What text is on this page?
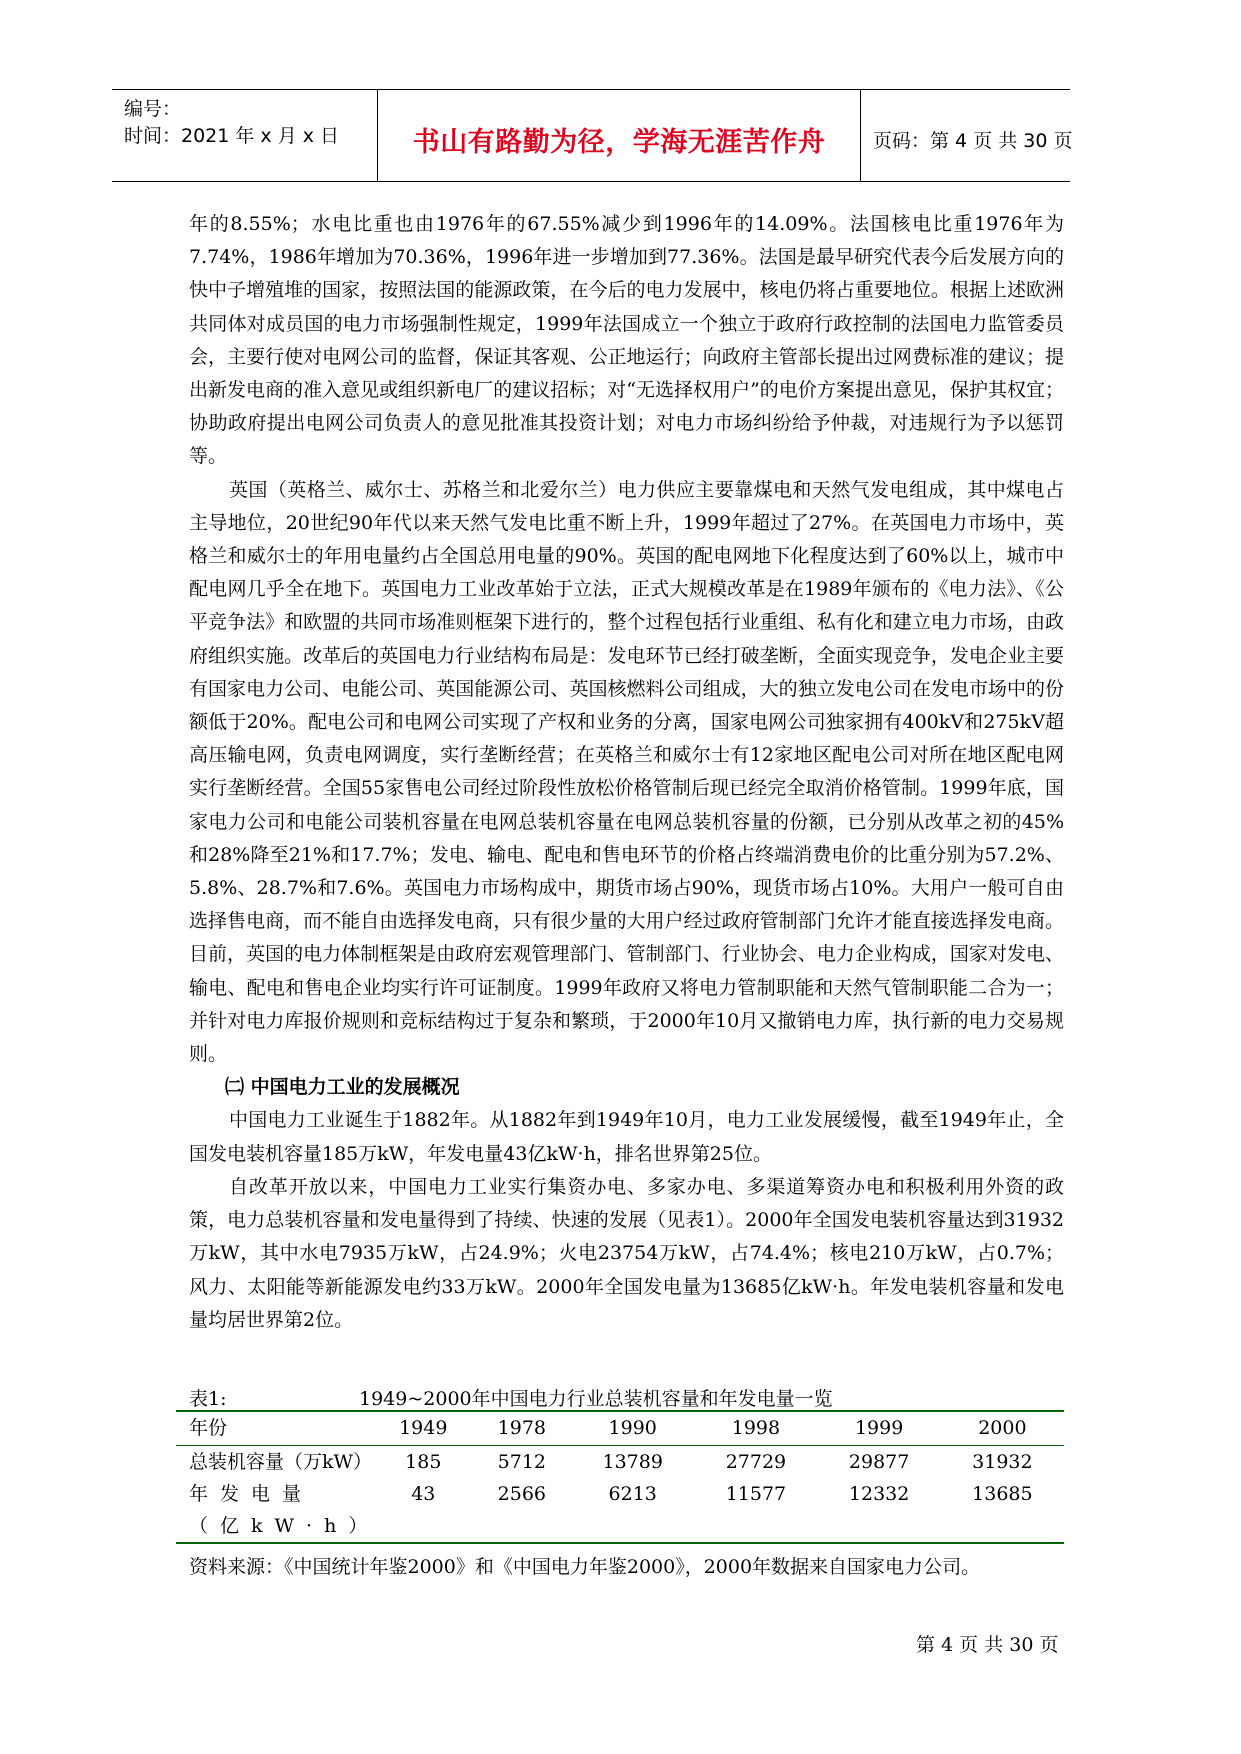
编号：
时间：2021 年 x 月 x 日	书山有路勤为径，学海无涯苦作舟	页码：第 4 页 共 30 页

年的8.55%；水电比重也由1976年的67.55%减少到1996年的14.09%。法国核电比重1976年为7.74%，1986年增加为70.36%，1996年进一步增加到77.36%。法国是最早研究代表今后发展方向的快中子增殖堆的国家，按照法国的能源政策，在今后的电力发展中，核电仍将占重要地位。根据上述欧洲共同体对成员国的电力市场强制性规定，1999年法国成立一个独立于政府行政控制的法国电力监管委员会，主要行使对电网公司的监督，保证其客观、公正地运行；向政府主管部长提出过网费标准的建议；提出新发电商的准入意见或组织新电厂的建议招标；对“无选择权用户”的电价方案提出意见，保护其权宜；协助政府提出电网公司负责人的意见批准其投资计划；对电力市场纠纷给予仲裁，对违规行为予以惩罚等。

英国（英格兰、威尔士、苏格兰和北爱尔兰）电力供应主要靠煤电和天然气发电组成，其中煤电占主导地位，20世纪90年代以来天然气发电比重不断上升，1999年超过了27%。在英国电力市场中，英格兰和威尔士的年用电量约占全国总用电量的90%。英国的配电网地下化程度达到了60%以上，城市中配电网几乎全在地下。英国电力工业改革始于立法，正式大规模改革是在1989年颁布的《电力法》、《公平竞争法》和欧盟的共同市场准则框架下进行的，整个过程包括行业重组、私有化和建立电力市场，由政府组织实施。改革后的英国电力行业结构布局是：发电环节已经打破垄断，全面实现竞争，发电企业主要有国家电力公司、电能公司、英国能源公司、英国核燃料公司组成，大的独立发电公司在发电市场中的份额低于20%。配电公司和电网公司实现了产权和业务的分离，国家电网公司独家拥有400kV和275kV超高压输电网，负责电网调度，实行垄断经营；在英格兰和威尔士有12家地区配电公司对所在地区配电网实行垄断经营。全国55家售电公司经过阶段性放松价格管制后现已经完全取消价格管制。1999年底，国家电力公司和电能公司装机容量在电网总装机容量在电网总装机容量的份额，已分别从改革之初的45%和28%降至21%和17.7%；发电、输电、配电和售电环节的价格占终端消费电价的比重分别为57.2%、5.8%、28.7%和7.6%。英国电力市场构成中，期货市场占90%，现货市场占10%。大用户一般可自由选择售电商，而不能自由选择发电商，只有很少量的大用户经过政府管制部门允许才能直接选择发电商。目前，英国的电力体制框架是由政府宏观管理部门、管制部门、行业协会、电力企业构成，国家对发电、输电、配电和售电企业均实行许可证制度。1999年政府又将电力管制职能和天然气管制职能二合为一；并针对电力库报价规则和竞标结构过于复杂和繁琐，于2000年10月又撤销电力库，执行新的电力交易规则。

㈡ 中国电力工业的发展概况

中国电力工业诞生于1882年。从1882年到1949年10月，电力工业发展缓慢，截至1949年止，全国发电装机容量185万kW，年发电量43亿kW·h，排名世界第25位。

自改革开放以来，中国电力工业实行集资办电、多家办电、多渠道筹资办电和积极利用外资的政策，电力总装机容量和发电量得到了持续、快速的发展（见表1）。2000年全国发电装机容量达到31932万kW，其中水电7935万kW，占24.9%；火电23754万kW，占74.4%；核电210万kW，占0.7%；风力、太阳能等新能源发电约33万kW。2000年全国发电量为13685亿kW·h。年发电装机容量和发电量均居世界第2位。

表1:	1949~2000年中国电力行业总装机容量和年发电量一览
年份	1949	1978	1990	1998	1999	2000
总装机容量（万kW）	185	5712	13789	27729	29877	31932
年发电量（亿kW·h）	43	2566	6213	11577	12332	13685
资料来源：《中国统计年鉴2000》和《中国电力年鉴2000》，2000年数据来自国家电力公司。
第 4 页 共 30 页
